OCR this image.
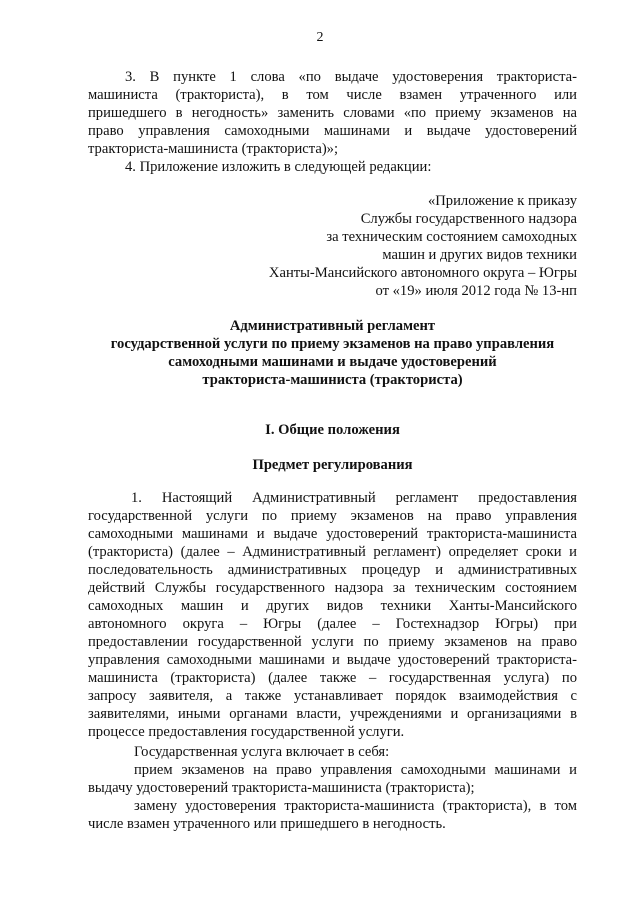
2
3. В пункте 1 слова «по выдаче удостоверения тракториста-
машиниста (тракториста), в том числе взамен утраченного или
пришедшего в негодность» заменить словами «по приему экзаменов на
право управления самоходными машинами и выдаче удостоверений
тракториста-машиниста (тракториста)»;
4. Приложение изложить в следующей редакции:
«Приложение к приказу
Службы государственного надзора
за техническим состоянием самоходных
машин и других видов техники
Ханты-Мансийского автономного округа – Югры
от «19» июля 2012 года № 13-нп
Административный регламент
государственной услуги по приему экзаменов на право управления
самоходными машинами и выдаче удостоверений
тракториста-машиниста (тракториста)
I. Общие положения
Предмет регулирования
1. Настоящий Административный регламент предоставления
государственной услуги по приему экзаменов на право управления
самоходными машинами и выдаче удостоверений тракториста-машиниста
(тракториста) (далее – Административный регламент) определяет сроки и
последовательность административных процедур и административных
действий Службы государственного надзора за техническим состоянием
самоходных машин и других видов техники Ханты-Мансийского
автономного округа – Югры (далее – Гостехнадзор Югры) при
предоставлении государственной услуги по приему экзаменов на право
управления самоходными машинами и выдаче удостоверений тракториста-
машиниста (тракториста) (далее также – государственная услуга) по
запросу заявителя, а также устанавливает порядок взаимодействия с
заявителями, иными органами власти, учреждениями и организациями в
процессе предоставления государственной услуги.
Государственная услуга включает в себя:
прием экзаменов на право управления самоходными машинами и
выдачу удостоверений тракториста-машиниста (тракториста);
замену удостоверения тракториста-машиниста (тракториста), в том
числе взамен утраченного или пришедшего в негодность.
